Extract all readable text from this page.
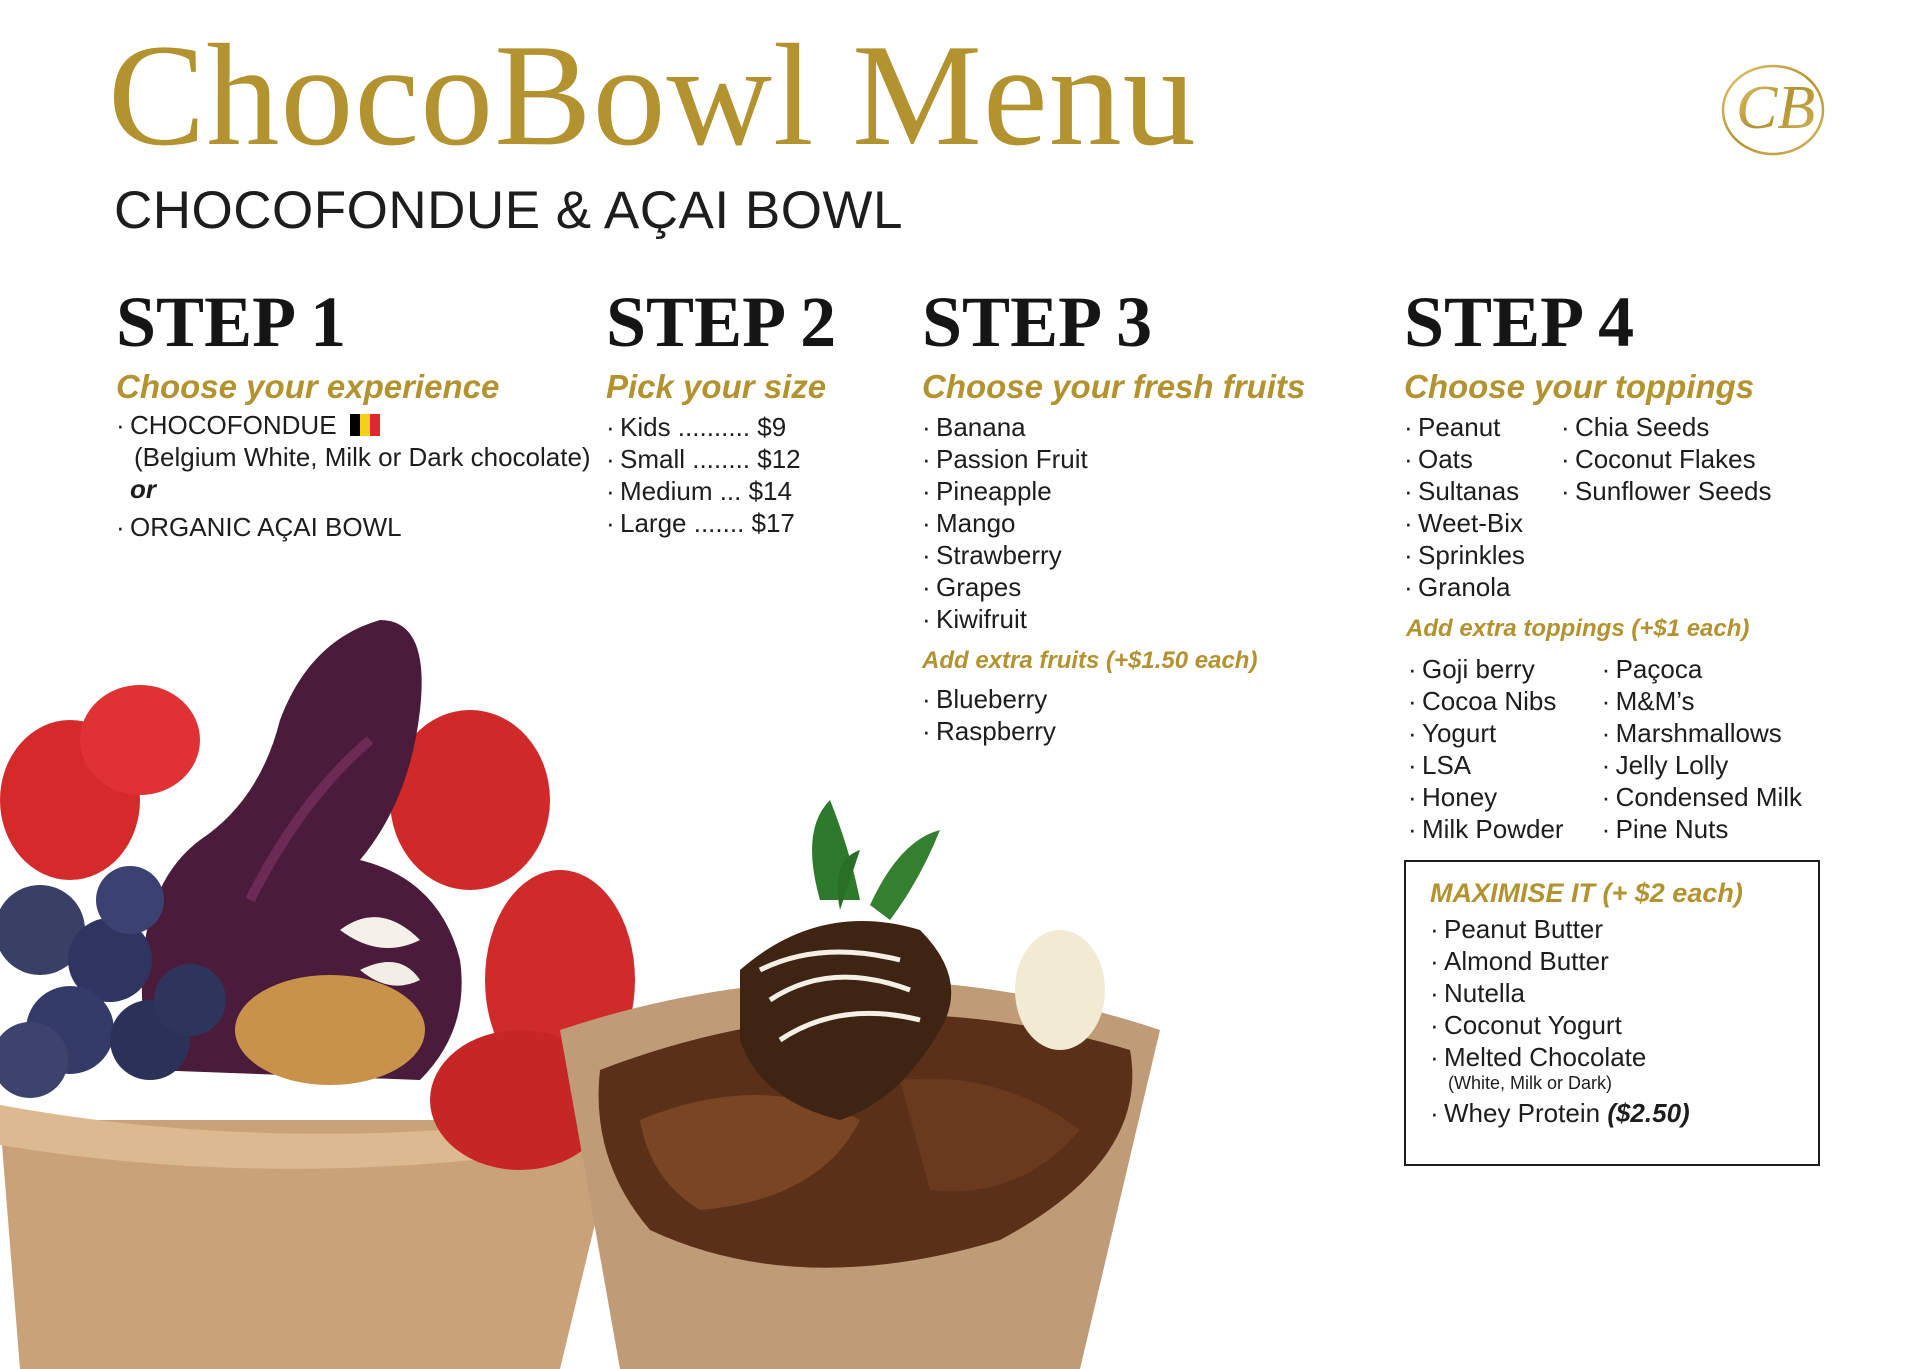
ChocoBowl Menu
CHOCOFONDUE & AÇAI BOWL
CB
STEP 1
Choose your experience
· CHOCOFONDUE
(Belgium White, Milk or Dark chocolate)
or
· ORGANIC AÇAI BOWL
STEP 2
Pick your size
· Kids .......... $9
· Small ........ $12
· Medium ... $14
· Large ....... $17
STEP 3
Choose your fresh fruits
· Banana
· Passion Fruit
· Pineapple
· Mango
· Strawberry
· Grapes
· Kiwifruit
Add extra fruits (+$1.50 each)
· Blueberry
· Raspberry
STEP 4
Choose your toppings
· Peanut
· Oats
· Sultanas
· Weet-Bix
· Sprinkles
· Granola
· Chia Seeds
· Coconut Flakes
· Sunflower Seeds
Add extra toppings (+$1 each)
· Goji berry
· Cocoa Nibs
· Yogurt
· LSA
· Honey
· Milk Powder
· Paçoca
· M&M’s
· Marshmallows
· Jelly Lolly
· Condensed Milk
· Pine Nuts
MAXIMISE IT (+ $2 each)
· Peanut Butter
· Almond Butter
· Nutella
· Coconut Yogurt
· Melted Chocolate
(White, Milk or Dark)
· Whey Protein ($2.50)
